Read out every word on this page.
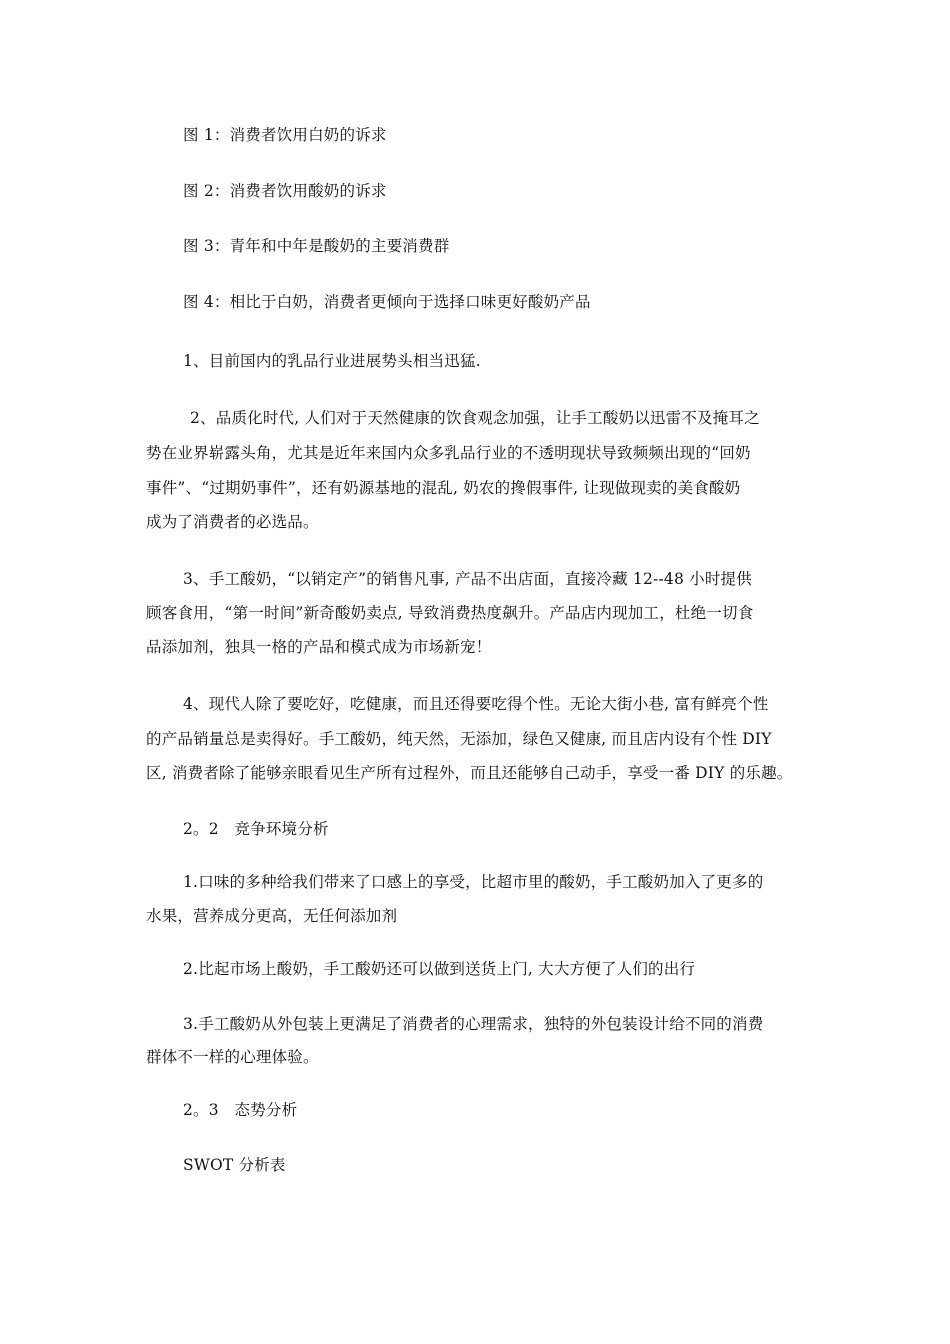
图 1：消费者饮用白奶的诉求
图 2：消费者饮用酸奶的诉求
图 3：青年和中年是酸奶的主要消费群
图 4：相比于白奶，消费者更倾向于选择口味更好酸奶产品
1、目前国内的乳品行业进展势头相当迅猛.
2、品质化时代, 人们对于天然健康的饮食观念加强，让手工酸奶以迅雷不及掩耳之
势在业界崭露头角，尤其是近年来国内众多乳品行业的不透明现状导致频频出现的“回奶
事件”、“过期奶事件”，还有奶源基地的混乱, 奶农的搀假事件, 让现做现卖的美食酸奶
成为了消费者的必选品。
3、手工酸奶，“以销定产”的销售凡事, 产品不出店面，直接冷藏 12--48 小时提供
顾客食用，“第一时间”新奇酸奶卖点, 导致消费热度飙升。产品店内现加工，杜绝一切食
品添加剂，独具一格的产品和模式成为市场新宠！
4、现代人除了要吃好，吃健康，而且还得要吃得个性。无论大街小巷, 富有鲜亮个性
的产品销量总是卖得好。手工酸奶，纯天然，无添加，绿色又健康, 而且店内设有个性 DIY
区, 消费者除了能够亲眼看见生产所有过程外，而且还能够自己动手，享受一番 DIY 的乐趣。
2。2　竞争环境分析
1.口味的多种给我们带来了口感上的享受，比超市里的酸奶，手工酸奶加入了更多的
水果，营养成分更高，无任何添加剂
2.比起市场上酸奶，手工酸奶还可以做到送货上门, 大大方便了人们的出行
3.手工酸奶从外包装上更满足了消费者的心理需求，独特的外包装设计给不同的消费
群体不一样的心理体验。
2。3　态势分析
SWOT 分析表
